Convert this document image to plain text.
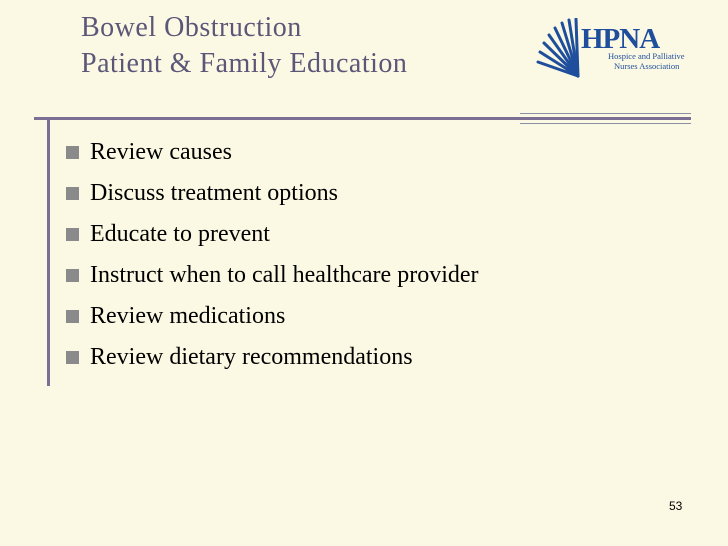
Bowel Obstruction
Patient & Family Education
HPNA
Hospice and Palliative
Nurses Association
Review causes
Discuss treatment options
Educate to prevent
Instruct when to call healthcare provider
Review medications
Review dietary recommendations
53
